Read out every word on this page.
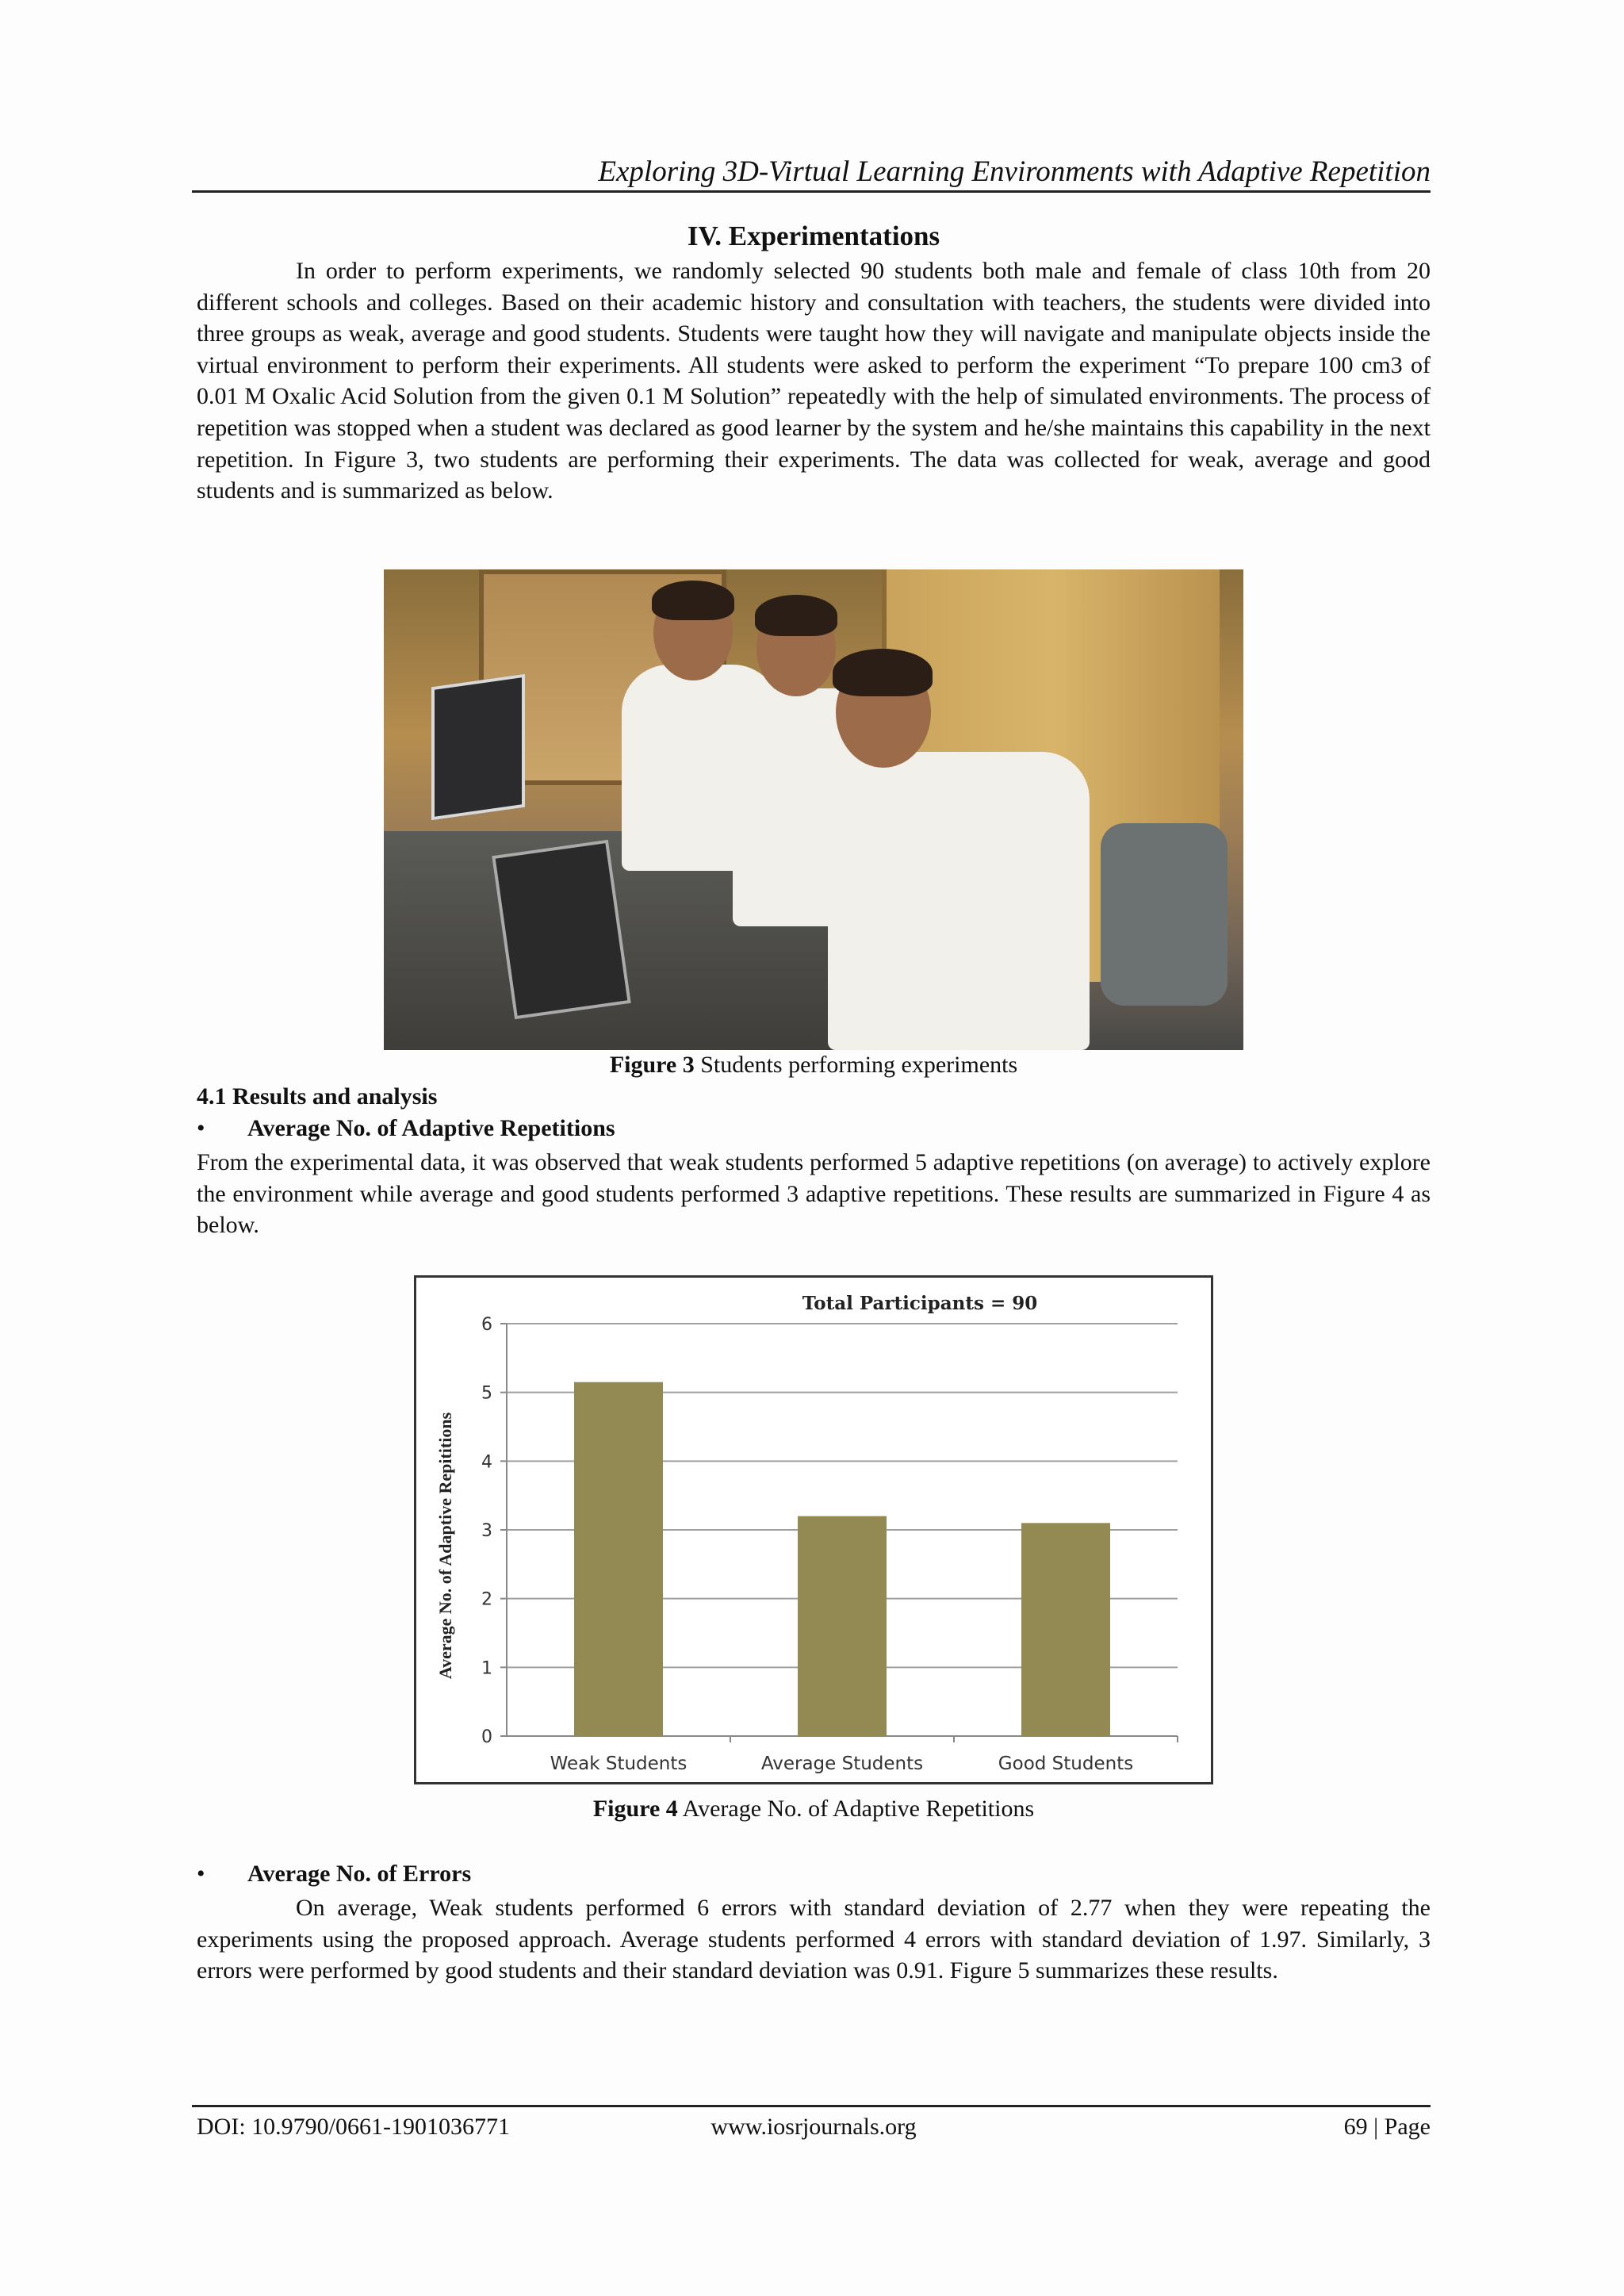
Exploring 3D-Virtual Learning Environments with Adaptive Repetition
IV. Experimentations
In order to perform experiments, we randomly selected 90 students both male and female of class 10th from 20 different schools and colleges. Based on their academic history and consultation with teachers, the students were divided into three groups as weak, average and good students. Students were taught how they will navigate and manipulate objects inside the virtual environment to perform their experiments. All students were asked to perform the experiment “To prepare 100 cm3 of 0.01 M Oxalic Acid Solution from the given 0.1 M Solution” repeatedly with the help of simulated environments. The process of repetition was stopped when a student was declared as good learner by the system and he/she maintains this capability in the next repetition. In Figure 3, two students are performing their experiments. The data was collected for weak, average and good students and is summarized as below.
Figure 3 Students performing experiments
4.1 Results and analysis
• Average No. of Adaptive Repetitions
From the experimental data, it was observed that weak students performed 5 adaptive repetitions (on average) to actively explore the environment while average and good students performed 3 adaptive repetitions. These results are summarized in Figure 4 as below.
0
1
2
3
4
5
6
Weak Students	Average Students	Good Students
Total Participants = 90
Average No. of Adaptive Repititions
Figure 4 Average No. of Adaptive Repetitions
• Average No. of Errors
On average, Weak students performed 6 errors with standard deviation of 2.77 when they were repeating the experiments using the proposed approach. Average students performed 4 errors with standard deviation of 1.97. Similarly, 3 errors were performed by good students and their standard deviation was 0.91. Figure 5 summarizes these results.
DOI: 10.9790/0661-1901036771	www.iosrjournals.org	69 | Page
